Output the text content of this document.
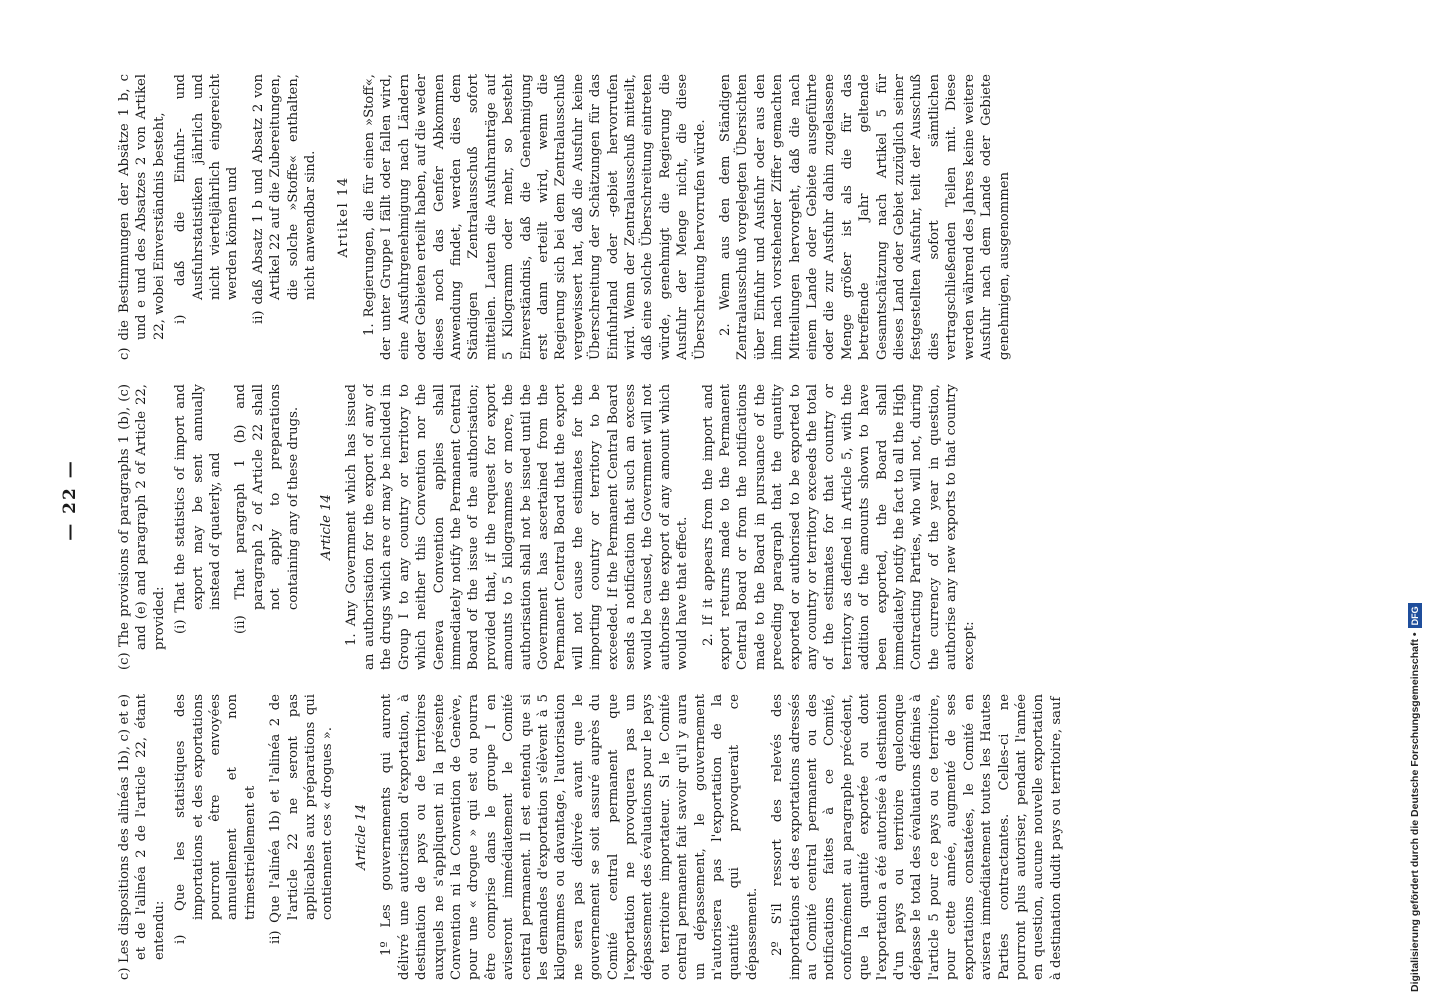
— 22 —

c) Les dispositions des alinéas 1b), c) et e) et de l'alinéa 2 de l'article 22, étant entendu: i) Que les statistiques des importations et des exportations pourront être envoyées annuellement et non trimestriellement et

ii) Que l'alinéa 1b) et l'alinéa 2 de l'article 22 ne seront pas applicables aux préparations qui contiennent ces « drogues ». Article 14 1º Les gouvernements qui auront délivré une autorisation d'exportation, à destination de pays ou de territoires auxquels ne s'appliquent ni la présente Convention ni la Convention de Genève, pour une « drogue » qui est ou pourra être comprise dans le groupe I en aviseront immédiatement le Comité central permanent. Il est entendu que si les demandes d'exportation s'élèvent à 5 kilogrammes ou davantage, l'autorisation ne sera pas délivrée avant que le gouvernement se soit assuré auprès du Comité central permanent que l'exportation ne provoquera pas un dépassement des évaluations pour le pays ou territoire importateur. Si le Comité central permanent fait savoir qu'il y aura un dépassement, le gouvernement n'autorisera pas l'exportation de la quantité qui provoquerait ce dépassement. 2º S'il ressort des relevés des importations et des exportations adressés au Comité central permanent ou des notifications faites à ce Comité, conformément au paragraphe précédent, que la quantité exportée ou dont l'exportation a été autorisée à destination d'un pays ou territoire quelconque dépasse le total des évaluations définies à l'article 5 pour ce pays ou ce territoire, pour cette année, augmenté de ses exportations constatées, le Comité en avisera immédiatement toutes les Hautes Parties contractantes. Celles-ci ne pourront plus autoriser, pendant l'année en question, aucune nouvelle exportation à destination dudit pays ou territoire, sauf

(c) The provisions of paragraphs 1 (b), (c) and (e) and paragraph 2 of Article 22, provided: (i) That the statistics of import and export may be sent annually instead of quaterly, and

(ii) That paragraph 1 (b) and paragraph 2 of Article 22 shall not apply to preparations containing any of these drugs. Article 14 1. Any Government which has issued an authorisation for the export of any of the drugs which are or may be included in Group I to any country or territory to which neither this Convention nor the Geneva Convention applies shall immediately notify the Permanent Central Board of the issue of the authorisation; provided that, if the request for export amounts to 5 kilogrammes or more, the authorisation shall not be issued until the Government has ascertained from the Permanent Central Board that the export will not cause the estimates for the importing country or territory to be exceeded. If the Permanent Central Board sends a notification that such an excess would be caused, the Government will not authorise the export of any amount which would have that effect. 2. If it appears from the import and export returns made to the Permanent Central Board or from the notifications made to the Board in pursuance of the preceding paragraph that the quantity exported or authorised to be exported to any country or territory exceeds the total of the estimates for that country or territory as defined in Article 5, with the addition of the amounts shown to have been exported, the Board shall immediately notify the fact to all the High Contracting Parties, who will not, during the currency of the year in question, authorise any new exports to that country except:

c) die Bestimmungen der Absätze 1 b, c und e und des Absatzes 2 von Artikel 22, wobei Einverständnis besteht, i) daß die Einfuhr- und Ausfuhrstatistiken jährlich und nicht vierteljährlich eingereicht werden können und

ii) daß Absatz 1 b und Absatz 2 von Artikel 22 auf die Zubereitungen, die solche »Stoffe« enthalten, nicht anwendbar sind. Artikel 14 1. Regierungen, die für einen »Stoff«, der unter Gruppe I fällt oder fallen wird, eine Ausfuhrgenehmigung nach Ländern oder Gebieten erteilt haben, auf die weder dieses noch das Genfer Abkommen Anwendung findet, werden dies dem Ständigen Zentralausschuß sofort mitteilen. Lauten die Ausfuhranträge auf 5 Kilogramm oder mehr, so besteht Einverständnis, daß die Genehmigung erst dann erteilt wird, wenn die Regierung sich bei dem Zentralausschuß vergewissert hat, daß die Ausfuhr keine Überschreitung der Schätzungen für das Einfuhrland oder -gebiet hervorrufen wird. Wenn der Zentralausschuß mitteilt, daß eine solche Überschreitung eintreten würde, genehmigt die Regierung die Ausfuhr der Menge nicht, die diese Überschreitung hervorrufen würde. 2. Wenn aus den dem Ständigen Zentralausschuß vorgelegten Übersichten über Einfuhr und Ausfuhr oder aus den ihm nach vorstehender Ziffer gemachten Mitteilungen hervorgeht, daß die nach einem Lande oder Gebiete ausgeführte oder die zur Ausfuhr dahin zugelassene Menge größer ist als die für das betreffende Jahr geltende Gesamtschätzung nach Artikel 5 für dieses Land oder Gebiet zuzüglich seiner festgestellten Ausfuhr, teilt der Ausschuß dies sofort sämtlichen vertragschließenden Teilen mit. Diese werden während des Jahres keine weitere Ausfuhr nach dem Lande oder Gebiete genehmigen, ausgenommen

Digitalisierung gefördert durch die Deutsche Forschungsgemeinschaft •DFG
